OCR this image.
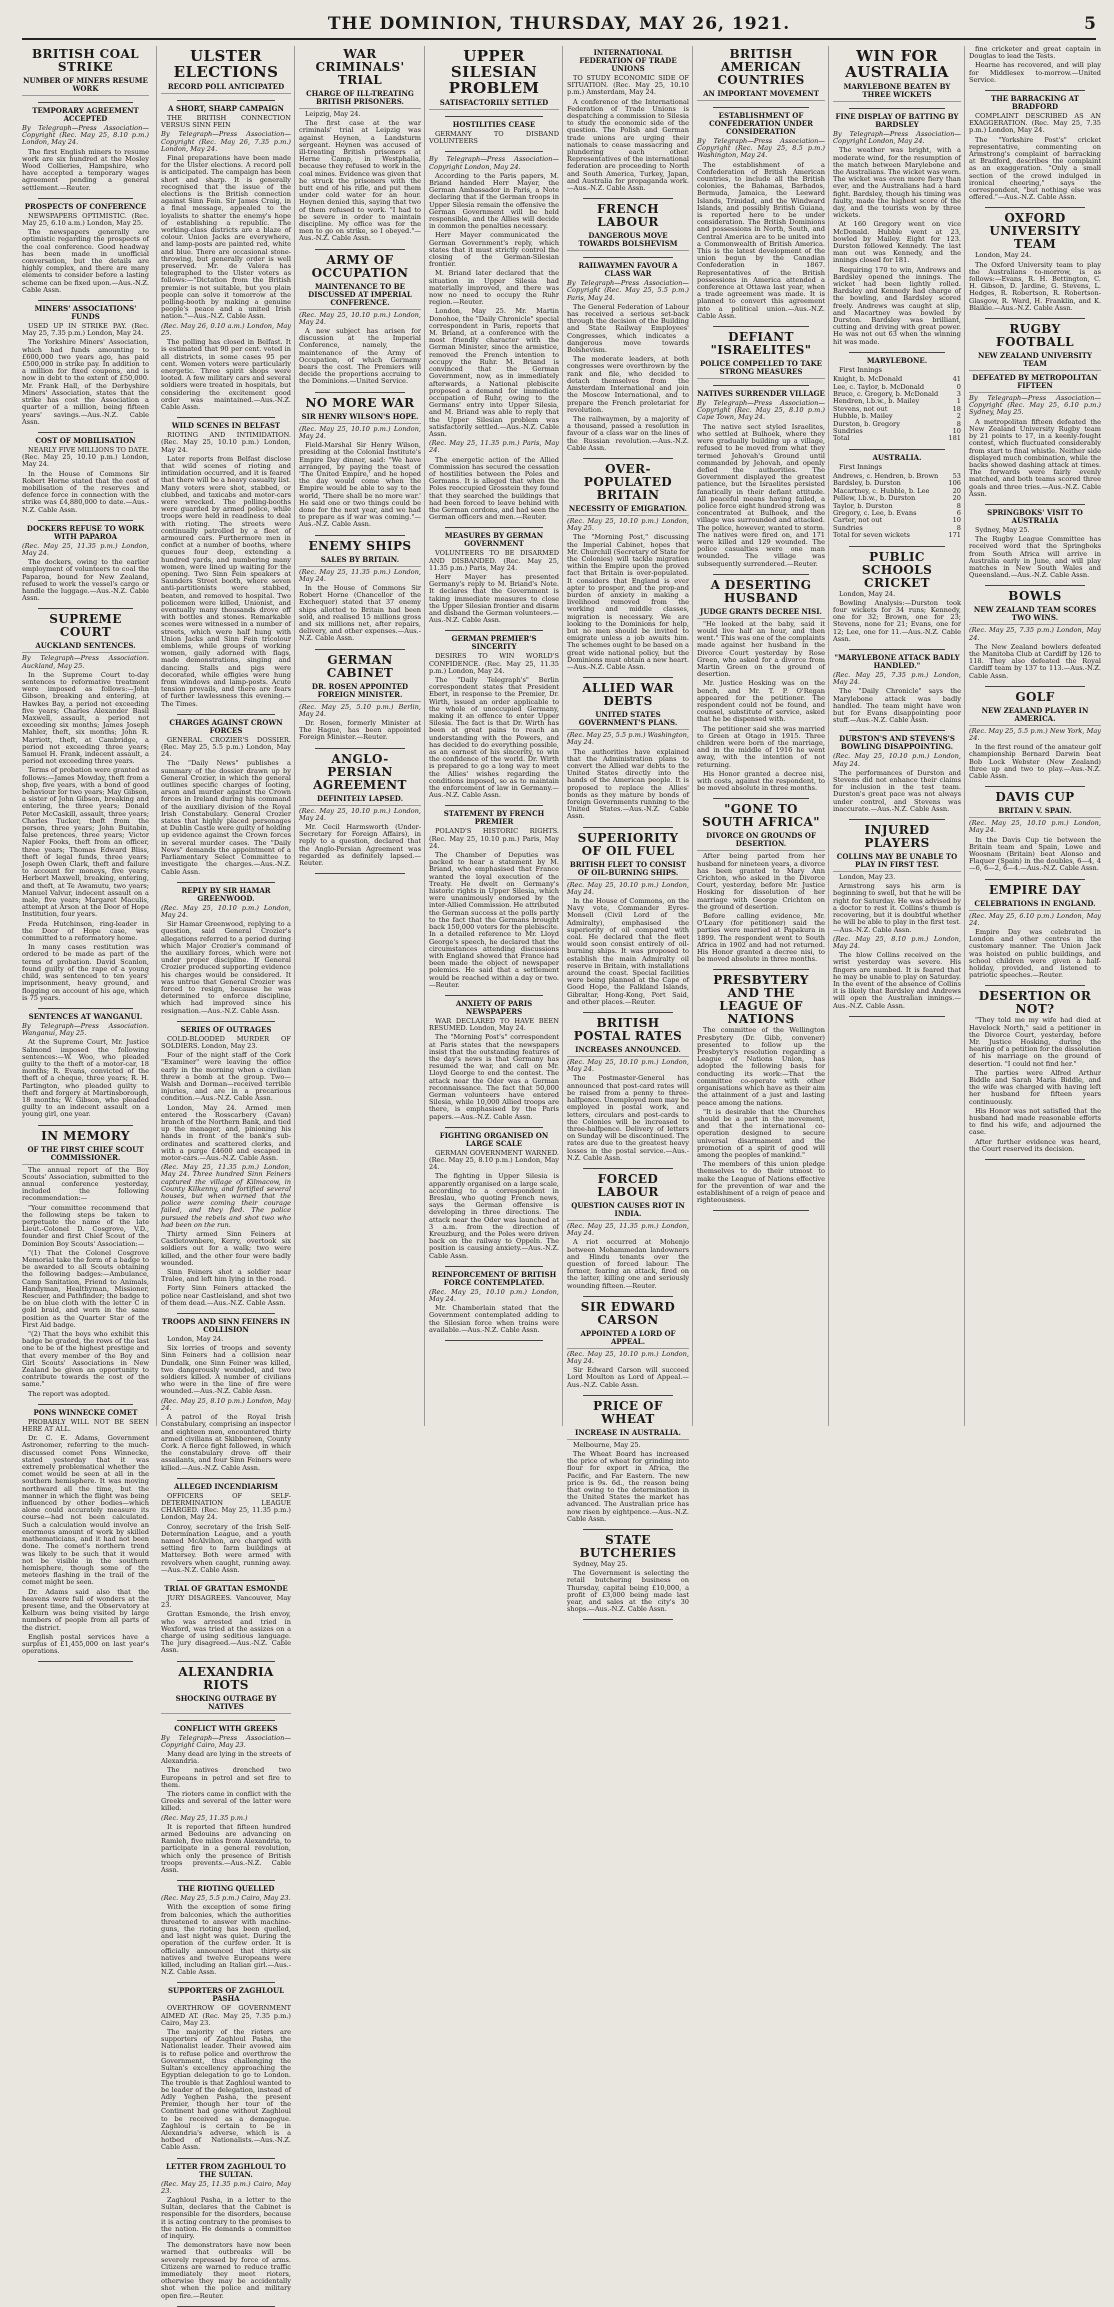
THE DOMINION, THURSDAY, MAY 26, 1921.	5
BRITISH COAL STRIKE
NUMBER OF MINERS RESUME WORK
TEMPORARY AGREEMENT ACCEPTED

By Telegraph—Press Association—Copyright (Rec. May 25, 8.10 p.m.) London, May 24.

The first English miners to resume work are six hundred at the Mosley Wood Collieries, Hampshire, who have accepted a temporary wages agreement pending a general settlement.—Reuter.

PROSPECTS OF CONFERENCE

NEWSPAPERS OPTIMISTIC. (Rec. May 25, 6.10 a.m.) London, May 25.

The newspapers generally are optimistic regarding the prospects of the coal conference. Good headway has been made in unofficial conversation, but the details are highly complex, and there are many elements to consider before a lasting scheme can be fixed upon.—Aus.-N.Z. Cable Assn.

MINERS' ASSOCIATIONS' FUNDS

USED UP IN STRIKE PAY. (Rec. May 25, 7.35 p.m.) London, May 24.

The Yorkshire Miners' Association, which had funds amounting to £600,000 two years ago, has paid £500,000 in strike pay. In addition to a million for fixed coupons, and is now in debt to the extent of £50,000. Mr. Frank Hall, of the Derbyshire Miners' Association, states that the strike has cost the Association a quarter of a million, being fifteen years' savings.—Aus.-N.Z. Cable Assn.

COST OF MOBILISATION

NEARLY FIVE MILLIONS TO DATE. (Rec. May 25, 10.10 p.m.) London, May 24.

In the House of Commons Sir Robert Horne stated that the cost of mobilisation of the reserves and defence force in connection with the strike was £4,880,000 to date.—Aus.-N.Z. Cable Assn.

DOCKERS REFUSE TO WORK WITH PAPAROA

(Rec. May 25, 11.35 p.m.) London, May 24.

The dockers, owing to the earlier employment of volunteers to coal the Paparoa, bound for New Zealand, refused to work the vessel's cargo or handle the luggage.—Aus.-N.Z. Cable Assn.

SUPREME COURT
AUCKLAND SENTENCES.

By Telegraph—Press Association. Auckland, May 25.

In the Supreme Court to-day sentences to reformative treatment were imposed as follows:—John Gibson, breaking and entering, at Hawkes Bay, a period not exceeding five years; Charles Alexander Basil Maxwell, assault, a period not exceeding six months; James Joseph Mahler, theft, six months; John R. Marriott, theft, at Cambridge, a period not exceeding three years; Samuel H. Frank, indecent assault, a period not exceeding three years.

Terms of probation were granted as follows:—James Mowday, theft from a shop, five years, with a bond of good behaviour for two years; May Gibson, a sister of John Gibson, breaking and entering, the three years; Donald Peter McCaskill, assault, three years; Charles Tucker, theft from the person, three years; John Buitabin, false pretences, three years; Victor Napier Fooks, theft from an officer, three years; Thomas Edward Bliss, theft of legal funds, three years; Joseph Owen Clark, theft and failure to account for moneys, five years; Herbert Maxwell, breaking, entering, and theft, at Te Awamutu, two years; Manuel Valvur, indecent assault on a male, five years; Margaret Maculis, attempt at Arson at the Door of Hope Institution, four years.

Freda Hutchinson, ring-leader in the Door of Hope case, was committed to a reformatory home.

In many cases restitution was ordered to be made as part of the terms of probation. David Scanlon, found guilty of the rape of a young child, was sentenced to ten years' imprisonment, heavy ground, and flogging on account of his age, which is 75 years.

SENTENCES AT WANGANUI.

By Telegraph—Press Association. Wanganui, May 25.

At the Supreme Court, Mr. Justice Salmond imposed the following sentences:—W. Woo, who pleaded guilty to the theft of a motor-car, 18 months; R. Evans, convicted of the theft of a cheque, three years; R. H. Partington, who pleaded guilty to theft and forgery at Martinsborough, 18 months; W. Gibson, who pleaded guilty to an indecent assault on a young girl, one year.

IN MEMORY
OF THE FIRST CHIEF SCOUT COMMISSIONER.

The annual report of the Boy Scouts' Association, submitted to the annual conference yesterday, included the following recommendation:—

"Your committee recommend that the following steps be taken to perpetuate the name of the late Lieut.-Colonel D. Cosgrove, V.D., founder and first Chief Scout of the Dominion Boy Scouts' Association:—

"(1) That the Colonel Cosgrove Memorial take the form of a badge to be awarded to all Scouts obtaining the following badges:—Ambulance, Camp Sanitation, Friend to Animals, Handyman, Healthyman, Missioner, Rescuer, and Pathfinder; the badge to be on blue cloth with the letter C in gold braid, and worn in the same position as the Quarter Star of the First Aid badge.

"(2) That the boys who exhibit this badge be graded, the rows of the last one to be of the highest prestige and that every member of the Boy and Girl Scouts' Associations in New Zealand be given an opportunity to contribute towards the cost of the same."

The report was adopted.

PONS WINNECKE COMET

PROBABLY WILL NOT BE SEEN HERE AT ALL.

Dr. C. E. Adams, Government Astronomer, referring to the much-discussed comet Pons Winnecke, stated yesterday that it was extremely problematical whether the comet would be seen at all in the southern hemisphere. It was moving northward all the time, but the manner in which the flight was being influenced by other bodies—which alone could accurately measure its course—had not been calculated. Such a calculation would involve an enormous amount of work by skilled mathematicians, and it had not been done. The comet's northern trend was likely to be such that it would not be visible in the southern hemisphere, though some of the meteors flashing in the trail of the comet might be seen.

Dr. Adams said also that the heavens were full of wonders at the present time, and the Observatory at Kelburn was being visited by large numbers of people from all parts of the district.

English postal services have a surplus of £1,455,000 on last year's operations.

ULSTER ELECTIONS
RECORD POLL ANTICIPATED
A SHORT, SHARP CAMPAIGN

THE BRITISH CONNECTION VERSUS SINN FEIN

By Telegraph—Press Association—Copyright (Rec. May 26, 7.35 p.m.) London, May 24.

Final preparations have been made for the Ulster elections. A record poll is anticipated. The campaign has been short and sharp. It is generally recognised that the issue of the elections is the British connection against Sinn Fein. Sir James Craig, in a final message, appealed to the loyalists to shatter the enemy's hope of establishing a republic. The working-class districts are a blaze of colour. Union Jacks are everywhere, and lamp-posts are painted red, white and blue. There are occasional stone-throwing, but generally order is well preserved. Mr. de Valera has telegraphed to the Ulster voters as follows:—"Dictation from the British premier is not suitable, but you plain people can solve it tomorrow at the polling-booth by making a genuine people's peace and a united Irish nation."—Aus.-N.Z. Cable Assn.

(Rec. May 26, 0.10 a.m.) London, May 25.

The polling has closed in Belfast. It is estimated that 90 per cent. voted in all districts, in some cases 95 per cent. Women voters were particularly energetic. Three spirit shops were looted. A few military cars and several soldiers were treated in hospitals, but considering the excitement good order was maintained.—Aus.-N.Z. Cable Assn.

WILD SCENES IN BELFAST

RIOTING AND INTIMIDATION. (Rec. May 25, 10.10 p.m.) London, May 24.

Later reports from Belfast disclose that wild scenes of rioting and intimidation occurred, and it is feared that there will be a heavy casualty list. Many voters were shot, stabbed, or clubbed, and taxicabs and motor-cars were wrecked. The polling-booths were guarded by armed police, while troops were held in readiness to deal with rioting. The streets were continually patrolled by a fleet of armoured cars. Furthermore men in confict at a number of booths, where queues four deep, extending a hundred yards, and numbering many women, were lined up waiting for the opening. Two Sinn Fein speakers at Saunders Street booth, where seven anti-partitionists were stabbed, beaten, and removed to hospital. Two policemen were killed, Unionist, and eventually many thousands drove off with bottles and stones. Remarkable scenes were witnessed in a number of streets, which were half hung with Union Jacks and Sinn Fein tricolour emblems, while groups of working women, gaily adorned with flags, made demonstrations, singing and dancing. Stalls and pigs were decorated, while effigies were hung from windows and lamp-posts. Acute tension prevails, and there are fears of further lawlessness this evening.—The Times.

CHARGES AGAINST CROWN FORCES

GENERAL CROZIER'S DOSSIER. (Rec. May 25, 5.5 p.m.) London, May 24.

The "Daily News" publishes a summary of the dossier drawn up by General Crozier, in which the general outlines specific charges of looting, arson and murder against the Crown forces in Ireland during his command of the auxiliary division of the Royal Irish Constabulary. General Crozier states that highly placed personages at Dublin Castle were guilty of holding up evidence against the Crown forces in several murder cases. The "Daily News" demands the appointment of a Parliamentary Select Committee to investigate the charges.—Aus.-N.Z. Cable Assn.

REPLY BY SIR HAMAR GREENWOOD.

(Rec. May 25, 10.10 p.m.) London, May 24.

Sir Hamar Greenwood, replying to a question, said General Crozier's allegations referred to a period during which Major Crozier's command of the auxiliary forces, which were not under proper discipline. If General Crozier produced supporting evidence his charges would be considered. It was untrue that General Crozier was forced to resign, because he was determined to enforce discipline, which had improved since his resignation.—Aus.-N.Z. Cable Assn.

SERIES OF OUTRAGES

COLD-BLOODED MURDER OF SOLDIERS. London, May 23.

Four of the night staff of the Cork "Examiner" were leaving the office early in the morning when a civilian threw a bomb at the group. Two—Walsh and Dorman—received terrible injuries, and are in a precarious condition.—Aus.-N.Z. Cable Assn.

London, May 24. Armed men entered the Rosscarbery (Cavan) branch of the Northern Bank, and tied up the manager, and, pinioning his hands in front of the bank's sub-ordinates and scattered clerks, and with a purge £4600 and escaped in motor-cars.—Aus.-N.Z. Cable Assn.

(Rec. May 25, 11.35 p.m.) London, May 24. Three hundred Sinn Feiners captured the village of Kilmacow, in County Kilkenny, and fortified several houses, but when warned that the police were coming their courage failed, and they fled. The police pursued the rebels and shot two who had been on the run.

Thirty armed Sinn Feiners at Castletownbere, Kerry, overtook six soldiers out for a walk; two were killed, and the other four were badly wounded.

Sinn Feiners shot a soldier near Tralee, and left him lying in the road.

Forty Sinn Feiners attacked the police near Castleisland, and shot two of them dead.—Aus.-N.Z. Cable Assn.

TROOPS AND SINN FEINERS IN COLLISION

London, May 24.

Six lorries of troops and seventy Sinn Feiners had a collision near Dundalk, one Sinn Feiner was killed, two dangerously wounded, and two soldiers killed. A number of civilians who were in the line of fire were wounded.—Aus.-N.Z. Cable Assn.

(Rec. May 25, 8.10 p.m.) London, May 24.

A patrol of the Royal Irish Constabulary, comprising an inspector and eighteen men, encountered thirty armed civilians at Skibbereen, County Cork. A fierce fight followed, in which the constabulary drove off their assailants, and four Sinn Feiners were killed.—Aus.-N.Z. Cable Assn.

ALLEGED INCENDIARISM

OFFICERS OF SELF-DETERMINATION LEAGUE CHARGED. (Rec. May 25, 11.35 p.m.) London, May 24.

Conroy, secretary of the Irish Self-Determination League, and a youth named McAlvihon, are charged with setting fire to farm buildings at Mattersey. Both were armed with revolvers when caught, running away.—Aus.-N.Z. Cable Assn.

TRIAL OF GRATTAN ESMONDE

JURY DISAGREES. Vancouver, May 23.

Grattan Esmonde, the Irish envoy, who was arrested and tried in Wexford, was tried at the assizes on a charge of using seditious language. The jury disagreed.—Aus.-N.Z. Cable Assn.

ALEXANDRIA RIOTS
SHOCKING OUTRAGE BY NATIVES
CONFLICT WITH GREEKS

By Telegraph—Press Association—Copyright Cairo, May 23.

Many dead are lying in the streets of Alexandria.

The natives drenched two Europeans in petrol and set fire to them.

The rioters came in conflict with the Greeks and several of the latter were killed.

(Rec. May 25, 11.35 p.m.)

It is reported that fifteen hundred armed Bedouins are advancing on Ramleh, five miles from Alexandria, to participate in a general revolution, which only the presence of British troops prevents.—Aus.-N.Z. Cable Assn.

THE RIOTING QUELLED

(Rec. May 25, 5.5 p.m.) Cairo, May 23.

With the exception of some firing from balconies, which the authorities threatened to answer with machine-guns, the rioting has been quelled, and last night was quiet. During the operation of the curfew order. It is officially announced that thirty-six natives and twelve Europeans were killed, including an Italian girl.—Aus.-N.Z. Cable Assn.

SUPPORTERS OF ZAGHLOUL PASHA

OVERTHROW OF GOVERNMENT AIMED AT. (Rec. May 25, 7.35 p.m.) Cairo, May 23.

The majority of the rioters are supporters of Zaghloul Pasha, the Nationalist leader. Their avowed aim is to refuse police and overthrow the Government, thus challenging the Sultan's excellency approaching the Egyptian delegation to go to London. The trouble is that Zaghloul wanted to be leader of the delegation, instead of Adly Yeghen Pasha, the present Premier, though her tour of the Continent had gone without Zaghloul to be received as a demagogue. Zaghloul is certain to be in Alexandria's adverse, which is a hotbed of Nationalists.—Aus.-N.Z. Cable Assn.

LETTER FROM ZAGHLOUL TO THE SULTAN.

(Rec. May 25, 11.35 p.m.) Cairo, May 23.

Zaghloul Pasha, in a letter to the Sultan, declares that the Cabinet is responsible for the disorders, because it is acting contrary to the promises to the nation. He demands a committee of inquiry.

The demonstrators have now been warned that outbreaks will be severely repressed by force of arms. Citizens are warned to reduce traffic immediately they meet rioters, otherwise they may be accidentally shot when the police and military open fire.—Reuter.

WAR CRIMINALS' TRIAL
CHARGE OF ILL-TREATING BRITISH PRISONERS.

Leipzig, May 24.

The first case at the war criminals' trial at Leipzig was against Heynen, a Landsturm sergeant. Heynen was accused of ill-treating British prisoners at Herne Camp, in Westphalia, because they refused to work in the coal mines. Evidence was given that he struck the prisoners with the butt end of his rifle, and put them under cold water for an hour. Heynen denied this, saying that two of them refused to work. "I had to be severe in order to maintain discipline. My office was for the men to go on strike, so I obeyed."—Aus.-N.Z. Cable Assn.

ARMY OF OCCUPATION
MAINTENANCE TO BE DISCUSSED AT IMPERIAL CONFERENCE.

(Rec. May 25, 10.10 p.m.) London, May 24.

A new subject has arisen for discussion at the Imperial Conference, namely, the maintenance of the Army of Occupation, of which Germany bears the cost. The Premiers will decide the proportions accruing to the Dominions.—United Service.

NO MORE WAR
SIR HENRY WILSON'S HOPE.

(Rec. May 25, 10.10 p.m.) London, May 24.

Field-Marshal Sir Henry Wilson, presiding at the Colonial Institute's Empire Day dinner, said: "We have arranged, by paying the toast of 'The United Empire,' and he hoped the day would come when the Empire would be able to say to the world, 'There shall be no more war.' He said one or two things could be done for the next year, and we had to prepare as if war was coming."—Aus.-N.Z. Cable Assn.

ENEMY SHIPS
SALES BY BRITAIN.

(Rec. May 25, 11.35 p.m.) London, May 24.

In the House of Commons Sir Robert Horne (Chancellor of the Exchequer) stated that 37 enemy ships allotted to Britain had been sold, and realised 15 millions gross and six millions net, after repairs, delivery, and other expenses.—Aus.-N.Z. Cable Assn.

GERMAN CABINET
DR. ROSEN APPOINTED FOREIGN MINISTER.

(Rec. May 25, 5.10 p.m.) Berlin, May 24.

Dr. Rosen, formerly Minister at The Hague, has been appointed Foreign Minister.—Reuter.

ANGLO-PERSIAN AGREEMENT
DEFINITELY LAPSED.

(Rec. May 25, 10.10 p.m.) London, May 24.

Mr. Cecil Harmsworth (Under-Secretary for Foreign Affairs), in reply to a question, declared that the Anglo-Persian Agreement was regarded as definitely lapsed.—Reuter.

UPPER SILESIAN PROBLEM
SATISFACTORILY SETTLED
HOSTILITIES CEASE

GERMANY TO DISBAND VOLUNTEERS

By Telegraph—Press Association—Copyright London, May 24.

According to the Paris papers, M. Briand handed Herr Mayer, the German Ambassador in Paris, a Note declaring that if the German troops in Upper Silesia remain the offensive the German Government will be held responsible, and the Allies will decide in common the penalties necessary.

Herr Mayer communicated the German Government's reply, which states that it must strictly control the closing of the German-Silesian frontier.

M. Briand later declared that the situation in Upper Silesia had materially improved, and there was now no need to occupy the Ruhr region.—Reuter.

London, May 25. Mr. Martin Donohoe, the "Daily Chronicle" special correspondent in Paris, reports that M. Briand, at a conference with the most friendly character with the German Minister, since the armistice, removed the French intention to occupy the Ruhr. M. Briand is convinced that the German Government, now, as in immediately afterwards, a National plebiscite proposed a demand for immediate occupation of Ruhr, owing to the Germans' entry into Upper Silesia, and M. Briand was able to reply that the Upper Silesian problem was satisfactorily settled.—Aus.-N.Z. Cable Assn.

(Rec. May 25, 11.35 p.m.) Paris, May 24.

The energetic action of the Allied Commission has secured the cessation of hostilities between the Poles and Germans. It is alleged that when the Poles reoccupied Grosstein they found that they searched the buildings that had been forced to leave behind with the German cordons, and had seen the German officers and men.—Reuter.

MEASURES BY GERMAN GOVERNMENT

VOLUNTEERS TO BE DISARMED AND DISBANDED. (Rec. May 25, 11.35 p.m.) Paris, May 24.

Herr Mayer has presented Germany's reply to M. Briand's Note. It declares that the Government is taking immediate measures to close the Upper Silesian frontier and disarm and disband the German volunteers.—Aus.-N.Z. Cable Assn.

GERMAN PREMIER'S SINCERITY

DESIRES TO WIN WORLD'S CONFIDENCE. (Rec. May 25, 11.35 p.m.) London, May 24.

The "Daily Telegraph's" Berlin correspondent states that President Ebert, in response to the Premier, Dr. Wirth, issued an order applicable to the whole of unoccupied Germany, making it an offence to enter Upper Silesia. The fact is that Dr. Wirth has been at great pains to reach an understanding with the Powers, and has decided to do everything possible, as an earnest of his sincerity, to win the confidence of the world. Dr. Wirth is prepared to go a long way to meet the Allies' wishes regarding the conditions imposed, so as to maintain the enforcement of law in Germany.—Aus.-N.Z. Cable Assn.

STATEMENT BY FRENCH PREMIER

POLAND'S HISTORIC RIGHTS. (Rec. May 25, 10.10 p.m.) Paris, May 24.

The Chamber of Deputies was packed to hear a statement by M. Briand, who emphasised that France wanted the loyal execution of the Treaty. He dwelt on Germany's historic rights in Upper Silesia, which were unanimously endorsed by the inter-Allied Commission. He attributed the German success at the polls partly to the fact that the Germans brought back 150,000 voters for the plebiscite. In a detailed reference to Mr. Lloyd George's speech, he declared that the circumstances attending discussions with England showed that France had been made the object of newspaper polemics. He said that a settlement would be reached within a day or two.—Reuter.

ANXIETY OF PARIS NEWSPAPERS

WAR DECLARED TO HAVE BEEN RESUMED. London, May 24.

The "Morning Post's" correspondent at Paris states that the newspapers insist that the outstanding features of the day's news is that Germany has resumed the war, and call on Mr. Lloyd George to end the contest. The attack near the Oder was a German reconnaissance. The fact that 50,000 German volunteers have entered Silesia, while 10,000 Allied troops are there, is emphasised by the Paris papers.—Aus.-N.Z. Cable Assn.

FIGHTING ORGANISED ON LARGE SCALE

GERMAN GOVERNMENT WARNED. (Rec. May 25, 8.10 p.m.) London, May 24.

The fighting in Upper Silesia is apparently organised on a large scale, according to a correspondent in Breslau, who quoting French news, says the German offensive is developing in three directions. The attack near the Oder was launched at 3 a.m. from the direction of Kreuzburg, and the Poles were driven back on the railway to Oppeln. The position is causing anxiety.—Aus.-N.Z. Cable Assn.

REINFORCEMENT OF BRITISH FORCE CONTEMPLATED.

(Rec. May 25, 10.10 p.m.) London, May 24.

Mr. Chamberlain stated that the Government contemplated adding to the Silesian force when trains were available.—Aus.-N.Z. Cable Assn.

INTERNATIONAL FEDERATION OF TRADE UNIONS

TO STUDY ECONOMIC SIDE OF SITUATION. (Rec. May 25, 10.10 p.m.) Amsterdam, May 24.

A conference of the International Federation of Trade Unions is despatching a commission to Silesia to study the economic side of the question. The Polish and German trade unions are urging their nationals to cease massacring and plundering each other. Representatives of the international federation are proceeding to North and South America, Turkey, Japan, and Australia for propaganda work.—Aus.-N.Z. Cable Assn.

FRENCH LABOUR
DANGEROUS MOVE TOWARDS BOLSHEVISM
RAILWAYMEN FAVOUR A CLASS WAR

By Telegraph—Press Association—Copyright (Rec. May 25, 5.5 p.m.) Paris, May 24.

The General Federation of Labour has received a serious set-back through the decision of the Building and State Railway Employees' Congresses, which indicates a dangerous move towards Bolshevism.

The moderate leaders, at both congresses were overthrown by the rank and file, who decided to detach themselves from the Amsterdam International and join the Moscow International, and to prepare the French proletariat for revolution.

The railwaymen, by a majority of a thousand, passed a resolution in favour of a class war on the lines of the Russian revolution.—Aus.-N.Z. Cable Assn.

OVER-POPULATED BRITAIN
NECESSITY OF EMIGRATION.

(Rec. May 25, 10.10 p.m.) London, May 25.

The "Morning Post," discussing the Imperial Cabinet, hopes that Mr. Churchill (Secretary of State for the Colonies) will tackle migration within the Empire upon the proved fact that Britain is over-populated. It considers that England is ever apter to prosper, and the prop-and burden of anxiety in making a livelihood removed from the working and middle classes, migration is necessary. We are looking to the Dominions for help, but no men should be invited to emigrate unless a job awaits him. The schemes ought to be based on a great wide national policy, but the Dominions must obtain a new heart.—Aus.-N.Z. Cable Assn.

ALLIED WAR DEBTS
UNITED STATES GOVERNMENT'S PLANS.

(Rec. May 25, 5.5 p.m.) Washington, May 24.

The authorities have explained that the Administration plans to convert the Allied war debts to the United States directly into the hands of the American people. It is proposed to replace the Allies' bonds as they mature by bonds of foreign Governments running to the United States.—Aus.-N.Z. Cable Assn.

SUPERIORITY OF OIL FUEL
BRITISH FLEET TO CONSIST OF OIL-BURNING SHIPS.

(Rec. May 25, 10.10 p.m.) London, May 24.

In the House of Commons, on the Navy vote, Commander Eyres-Monsell (Civil Lord of the Admiralty), emphasised the superiority of oil compared with coal. He declared that the fleet would soon consist entirely of oil-burning ships. It was proposed to establish the main Admiralty oil reserve in Britain, with installations around the coast. Special facilities were being planned at the Cape of Good Hope, the Falkland Islands, Gibraltar, Hong-Kong, Port Said, and other places.—Reuter.

BRITISH POSTAL RATES
INCREASES ANNOUNCED.

(Rec. May 25, 10.10 p.m.) London, May 24.

The Postmaster-General has announced that post-card rates will be raised from a penny to three-halfpence. Unemployed men may be employed in postal work, and letters, circulars and post-cards to the Colonies will be increased to three-halfpence. Delivery of letters on Sunday will be discontinued. The rates are due to the greatest heavy losses in the postal service.—Aus.-N.Z. Cable Assn.

FORCED LABOUR
QUESTION CAUSES RIOT IN INDIA.

(Rec. May 25, 11.35 p.m.) London, May 24.

A riot occurred at Mohenjo between Mohammedan landowners and Hindu tenants over the question of forced labour. The former, fearing an attack, fired on the latter, killing one and seriously wounding fifteen.—Reuter.

SIR EDWARD CARSON
APPOINTED A LORD OF APPEAL.

(Rec. May 25, 10.10 p.m.) London, May 24.

Sir Edward Carson will succeed Lord Moulton as Lord of Appeal.—Aus.-N.Z. Cable Assn.

PRICE OF WHEAT
INCREASE IN AUSTRALIA.

Melbourne, May 25.

The Wheat Board has increased the price of wheat for grinding into flour for export in Africa, the Pacific, and Far Eastern. The new price is 9s. 6d., the reason being that owing to the determination in the United States the market has advanced. The Australian price has now risen by eightpence.—Aus.-N.Z. Cable Assn.

STATE BUTCHERIES

Sydney, May 25.

The Government is selecting the retail butchering business on Thursday, capital being £10,000, a profit of £3,000 being made last year, and sales at the city's 30 shops.—Aus.-N.Z. Cable Assn.

BRITISH AMERICAN COUNTRIES
AN IMPORTANT MOVEMENT
ESTABLISHMENT OF CONFEDERATION UNDER CONSIDERATION

By Telegraph—Press Association—Copyright (Rec. May 25, 8.5 p.m.) Washington, May 24.

The establishment of a Confederation of British American countries, to include all the British colonies, the Bahamas, Barbados, Bermuda, Jamaica, the Leeward Islands, Trinidad, and the Windward Islands, and possibly British Guiana, is reported here to be under consideration. The British Dominions and possessions in North, South, and Central America are to be united into a Commonwealth of British America. This is the latest development of the union begun by the Canadian Confederation in 1867. Representatives of the British possessions in America attended a conference at Ottawa last year, when a trade agreement was made. It is planned to convert this agreement into a political union.—Aus.-N.Z. Cable Assn.

DEFIANT "ISRAELITES"
POLICE COMPELLED TO TAKE STRONG MEASURES
NATIVES SURRENDER VILLAGE

By Telegraph—Press Association—Copyright (Rec. May 25, 8.10 p.m.) Cape Town, May 24.

The native sect styled Israelites, who settled at Bulhoek, where they were gradually building up a village, refused to be moved from what they termed Jehovah's Ground until commanded by Jehovah, and openly defied the authorities. The Government displayed the greatest patience, but the Israelites persisted fanatically in their defiant attitude. All peaceful means having failed, a police force eight hundred strong was concentrated at Bulhoek, and the village was surrounded and attacked. The police, however, wanted to storm. The natives were fired on, and 171 were killed and 129 wounded. The police casualties were one man wounded. The village was subsequently surrendered.—Reuter.

A DESERTING HUSBAND
JUDGE GRANTS DECREE NISI.

"He looked at the baby, said it would live half an hour, and then went." This was one of the complaints made against her husband in the Divorce Court yesterday by Rose Green, who asked for a divorce from Martin Green on the ground of desertion.

Mr. Justice Hosking was on the bench, and Mr. T. P. O'Regan appeared for the petitioner. The respondent could not be found, and counsel, substitute of service, asked that he be dispensed with.

The petitioner said she was married to Green at Otago in 1915. Three children were born of the marriage, and in the middle of 1916 he went away, with the intention of not returning.

His Honor granted a decree nisi, with costs, against the respondent, to be moved absolute in three months.

"GONE TO SOUTH AFRICA"
DIVORCE ON GROUNDS OF DESERTION.

After being parted from her husband for nineteen years, a divorce has been granted to Mary Ann Crichton, who asked in the Divorce Court, yesterday, before Mr. Justice Hosking for dissolution of her marriage with George Crichton on the ground of desertion.

Before calling evidence, Mr. O'Leary (for petitioner) said the parties were married at Papakura in 1899. The respondent went to South Africa in 1902 and had not returned. His Honor granted a decree nisi, to be moved absolute in three months.

PRESBYTERY AND THE LEAGUE OF NATIONS

The committee of the Wellington Presbytery (Dr. Gibb, convener) presented to follow up the Presbytery's resolution regarding a League of Nations Union, has adopted the following basis for conducting its work:—That the committee co-operate with other organisations which have as their aim the attainment of a just and lasting peace among the nations.

"It is desirable that the Churches should be a part in the movement, and that the international co-operation designed to secure universal disarmament and the promotion of a spirit of good will among the peoples of mankind."

The members of this union pledge themselves to do their utmost to make the League of Nations effective for the prevention of war and the establishment of a reign of peace and righteousness.

WIN FOR AUSTRALIA
MARYLEBONE BEATEN BY THREE WICKETS
FINE DISPLAY OF BATTING BY BARDSLEY

By Telegraph—Press Association—Copyright London, May 24.

The weather was bright, with a moderate wind, for the resumption of the match between Marylebone and the Australians. The wicket was worn. The wicket was even more fiery than ever, and the Australians had a hard fight. Bardsley, though his timing was faulty, made the highest score of the day, and the tourists won by three wickets.

At 160 Gregory went on vice McDonald. Hubble went at 23, bowled by Mailey. Eight for 123. Durston followed Kennedy. The last man out was Kennedy, and the innings closed for 181.

Requiring 170 to win, Andrews and Bardsley opened the innings. The wicket had been lightly rolled. Bardsley and Kennedy had charge of the bowling, and Bardsley scored freely. Andrews was caught at slip, and Macartney was bowled by Durston. Bardsley was brilliant, cutting and driving with great power. He was not out 63 when the winning hit was made.

MARYLEBONE.

First Innings

Knight, b. McDonald	41
Lee, c. Taylor, b. McDonald	0
Bruce, c. Gregory, b. McDonald	3
Hendren, l.b.w., b. Mailey	1
Stevens, not out	18
Hubble, b. Mailey	2
Durston, b. Gregory	8
Sundries	10
Total	181
AUSTRALIA.

First Innings

Andrews, c. Hendren, b. Brown	53
Bardsley, b. Durston	106
Macartney, c. Hubble, b. Lee	20
Pellew, l.b.w., b. Durston	20
Taylor, b. Durston	8
Gregory, c. Lee, b. Evans	6
Carter, not out	10
Sundries	8
Total for seven wickets	171
PUBLIC SCHOOLS CRICKET

London, May 24.

Bowling Analysis:—Durston took four wickets for 34 runs; Kennedy, one for 32; Brown, one for 23; Stevens, none for 21; Evans, one for 12; Lee, one for 11.—Aus.-N.Z. Cable Assn.

"MARYLEBONE ATTACK BADLY HANDLED."

(Rec. May 25, 7.35 p.m.) London, May 24.

The "Daily Chronicle" says the Marylebone attack was badly handled. The team might have won but for Evans disappointing poor stuff.—Aus.-N.Z. Cable Assn.

DURSTON'S AND STEVENS'S BOWLING DISAPPOINTING.

(Rec. May 25, 10.10 p.m.) London, May 24.

The performances of Durston and Stevens did not enhance their claims for inclusion in the test team. Durston's great pace was not always under control, and Stevens was inaccurate.—Aus.-N.Z. Cable Assn.

INJURED PLAYERS
COLLINS MAY BE UNABLE TO PLAY IN FIRST TEST.

London, May 23.

Armstrong says his arm is beginning to swell, but that he will be right for Saturday. He was advised by a doctor to rest it. Collins's thumb is recovering, but it is doubtful whether he will be able to play in the first test.—Aus.-N.Z. Cable Assn.

(Rec. May 25, 8.10 p.m.) London, May 24.

The blow Collins received on the wrist yesterday was severe. His fingers are numbed. It is feared that he may be unable to play on Saturday. In the event of the absence of Collins it is likely that Bardsley and Andrews will open the Australian innings.—Aus.-N.Z. Cable Assn.

fine cricketer and great captain in Douglas to lead the Tests.

Hearne has recovered, and will play for Middlesex to-morrow.—United Service.

THE BARRACKING AT BRADFORD

COMPLAINT DESCRIBED AS AN EXAGGERATION. (Rec. May 25, 7.35 p.m.) London, May 24.

The "Yorkshire Post's" cricket representative, commenting on Armstrong's complaint of barracking at Bradford, describes the complaint as an exaggeration. "Only a small section of the crowd indulged in ironical cheering," says the correspondent, "but nothing else was offered."—Aus.-N.Z. Cable Assn.

OXFORD UNIVERSITY TEAM

London, May 24.

The Oxford University team to play the Australians to-morrow, is as follows:—Evans, R. H. Bettington, C. H. Gibson, D. Jardine, G. Stevens, L. Hedges, R. Robertson, R. Robertson-Glasgow, R. Ward, H. Franklin, and K. Blaikie.—Aus.-N.Z. Cable Assn.

RUGBY FOOTBALL
NEW ZEALAND UNIVERSITY TEAM
DEFEATED BY METROPOLITAN FIFTEEN

By Telegraph—Press Association—Copyright (Rec. May 25, 6.10 p.m.) Sydney, May 25.

A metropolitan fifteen defeated the New Zealand University Rugby team by 21 points to 17, in a keenly-fought contest, which fluctuated considerably from start to final whistle. Neither side displayed much combination, while the backs showed dashing attack at times. The forwards were fairly evenly matched, and both teams scored three goals and three tries.—Aus.-N.Z. Cable Assn.

SPRINGBOKS' VISIT TO AUSTRALIA

Sydney, May 25.

The Rugby League Committee has received word that the Springboks from South Africa will arrive in Australia early in June, and will play matches in New South Wales and Queensland.—Aus.-N.Z. Cable Assn.

BOWLS
NEW ZEALAND TEAM SCORES TWO WINS.

(Rec. May 25, 7.35 p.m.) London, May 24.

The New Zealand bowlers defeated the Manitoba Club at Cardiff by 126 to 118. They also defeated the Royal Cardiff team by 137 to 113.—Aus.-N.Z. Cable Assn.

GOLF
NEW ZEALAND PLAYER IN AMERICA.

(Rec. May 25, 5.5 p.m.) New York, May 24.

In the first round of the amateur golf championship Bernard Darwin beat Bob Lock Webster (New Zealand) three up and two to play.—Aus.-N.Z. Cable Assn.

DAVIS CUP
BRITAIN V. SPAIN.

(Rec. May 25, 10.10 p.m.) London, May 24.

In the Davis Cup tie between the Britain team and Spain, Lowe and Woosnam (Britain) beat Alonso and Flaquer (Spain) in the doubles, 6—4, 4—6, 6—2, 6—4.—Aus.-N.Z. Cable Assn.

EMPIRE DAY
CELEBRATIONS IN ENGLAND.

(Rec. May 25, 6.10 p.m.) London, May 24.

Empire Day was celebrated in London and other centres in the customary manner. The Union Jack was hoisted on public buildings, and school children were given a half-holiday, provided, and listened to patriotic speeches.—Reuter.

DESERTION OR NOT?

"They told me my wife had died at Havelock North," said a petitioner in the Divorce Court, yesterday, before Mr. Justice Hosking, during the hearing of a petition for the dissolution of his marriage on the ground of desertion. "I could not find her."

The parties were Alfred Arthur Biddle and Sarah Maria Biddle, and the wife was charged with having left her husband for fifteen years continuously.

His Honor was not satisfied that the husband had made reasonable efforts to find his wife, and adjourned the case.

After further evidence was heard, the Court reserved its decision.
